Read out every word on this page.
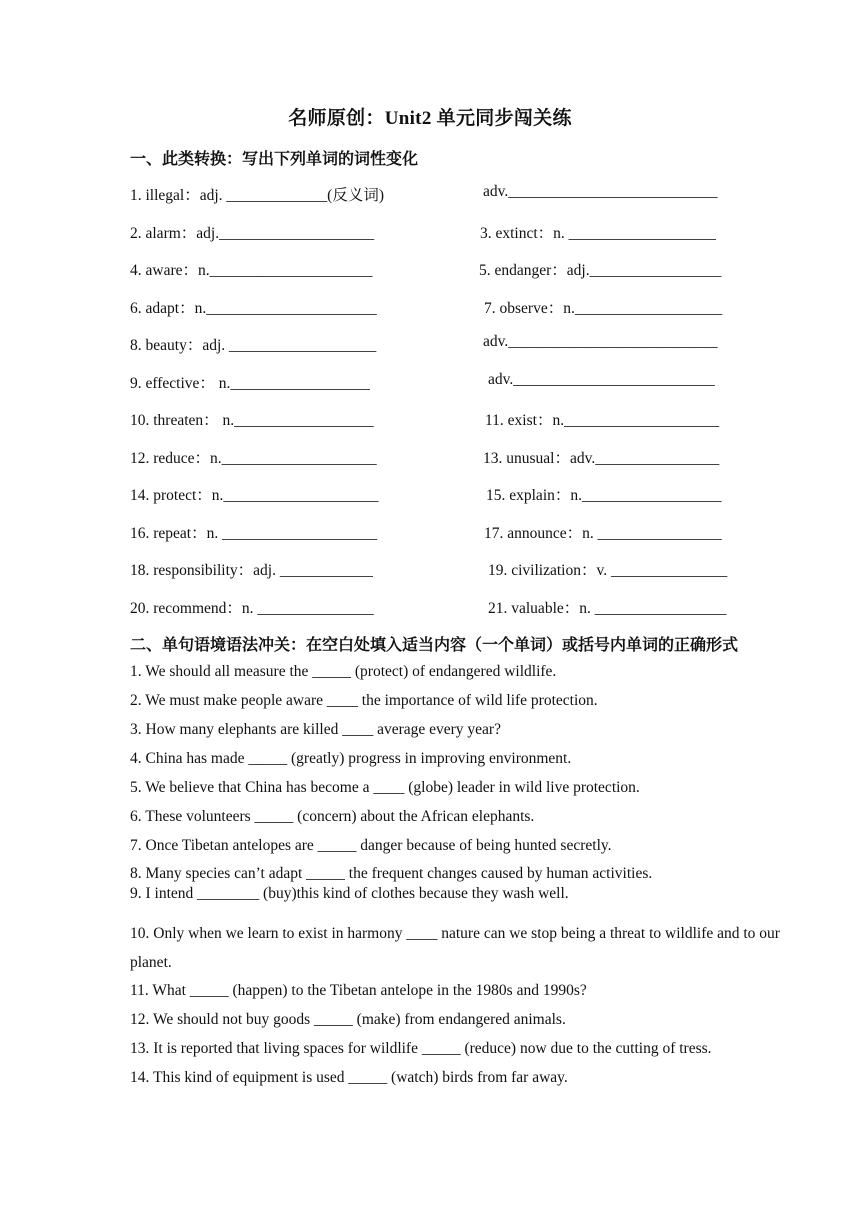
名师原创：Unit2 单元同步闯关练
一、此类转换：写出下列单词的词性变化
1. illegal：adj. _____________(反义词)	adv.___________________________
2. alarm：adj.____________________	3. extinct：n. ___________________
4. aware：n._____________________	5. endanger：adj._________________
6. adapt：n.______________________	7. observe：n.___________________
8. beauty：adj. ___________________	adv.___________________________
9. effective： n.__________________	adv.__________________________
10. threaten： n.__________________	11. exist：n.____________________
12. reduce：n.____________________	13. unusual：adv.________________
14. protect：n.____________________	15. explain：n.__________________
16. repeat：n. ____________________	17. announce：n. ________________
18. responsibility：adj. ____________	19. civilization：v. _______________
20. recommend：n. _______________	21. valuable：n. _________________
二、单句语境语法冲关：在空白处填入适当内容（一个单词）或括号内单词的正确形式
1. We should all measure the _____ (protect) of endangered wildlife.
2. We must make people aware ____ the importance of wild life protection.
3. How many elephants are killed ____ average every year?
4. China has made _____ (greatly) progress in improving environment.
5. We believe that China has become a ____ (globe) leader in wild live protection.
6. These volunteers _____ (concern) about the African elephants.
7. Once Tibetan antelopes are _____ danger because of being hunted secretly.
8. Many species can’t adapt _____ the frequent changes caused by human activities.
9. I intend ________ (buy)this kind of clothes because they wash well.
10. Only when we learn to exist in harmony ____ nature can we stop being a threat to wildlife and to our planet.
11. What _____ (happen) to the Tibetan antelope in the 1980s and 1990s?
12. We should not buy goods _____ (make) from endangered animals.
13. It is reported that living spaces for wildlife _____ (reduce) now due to the cutting of tress.
14. This kind of equipment is used _____ (watch) birds from far away.
